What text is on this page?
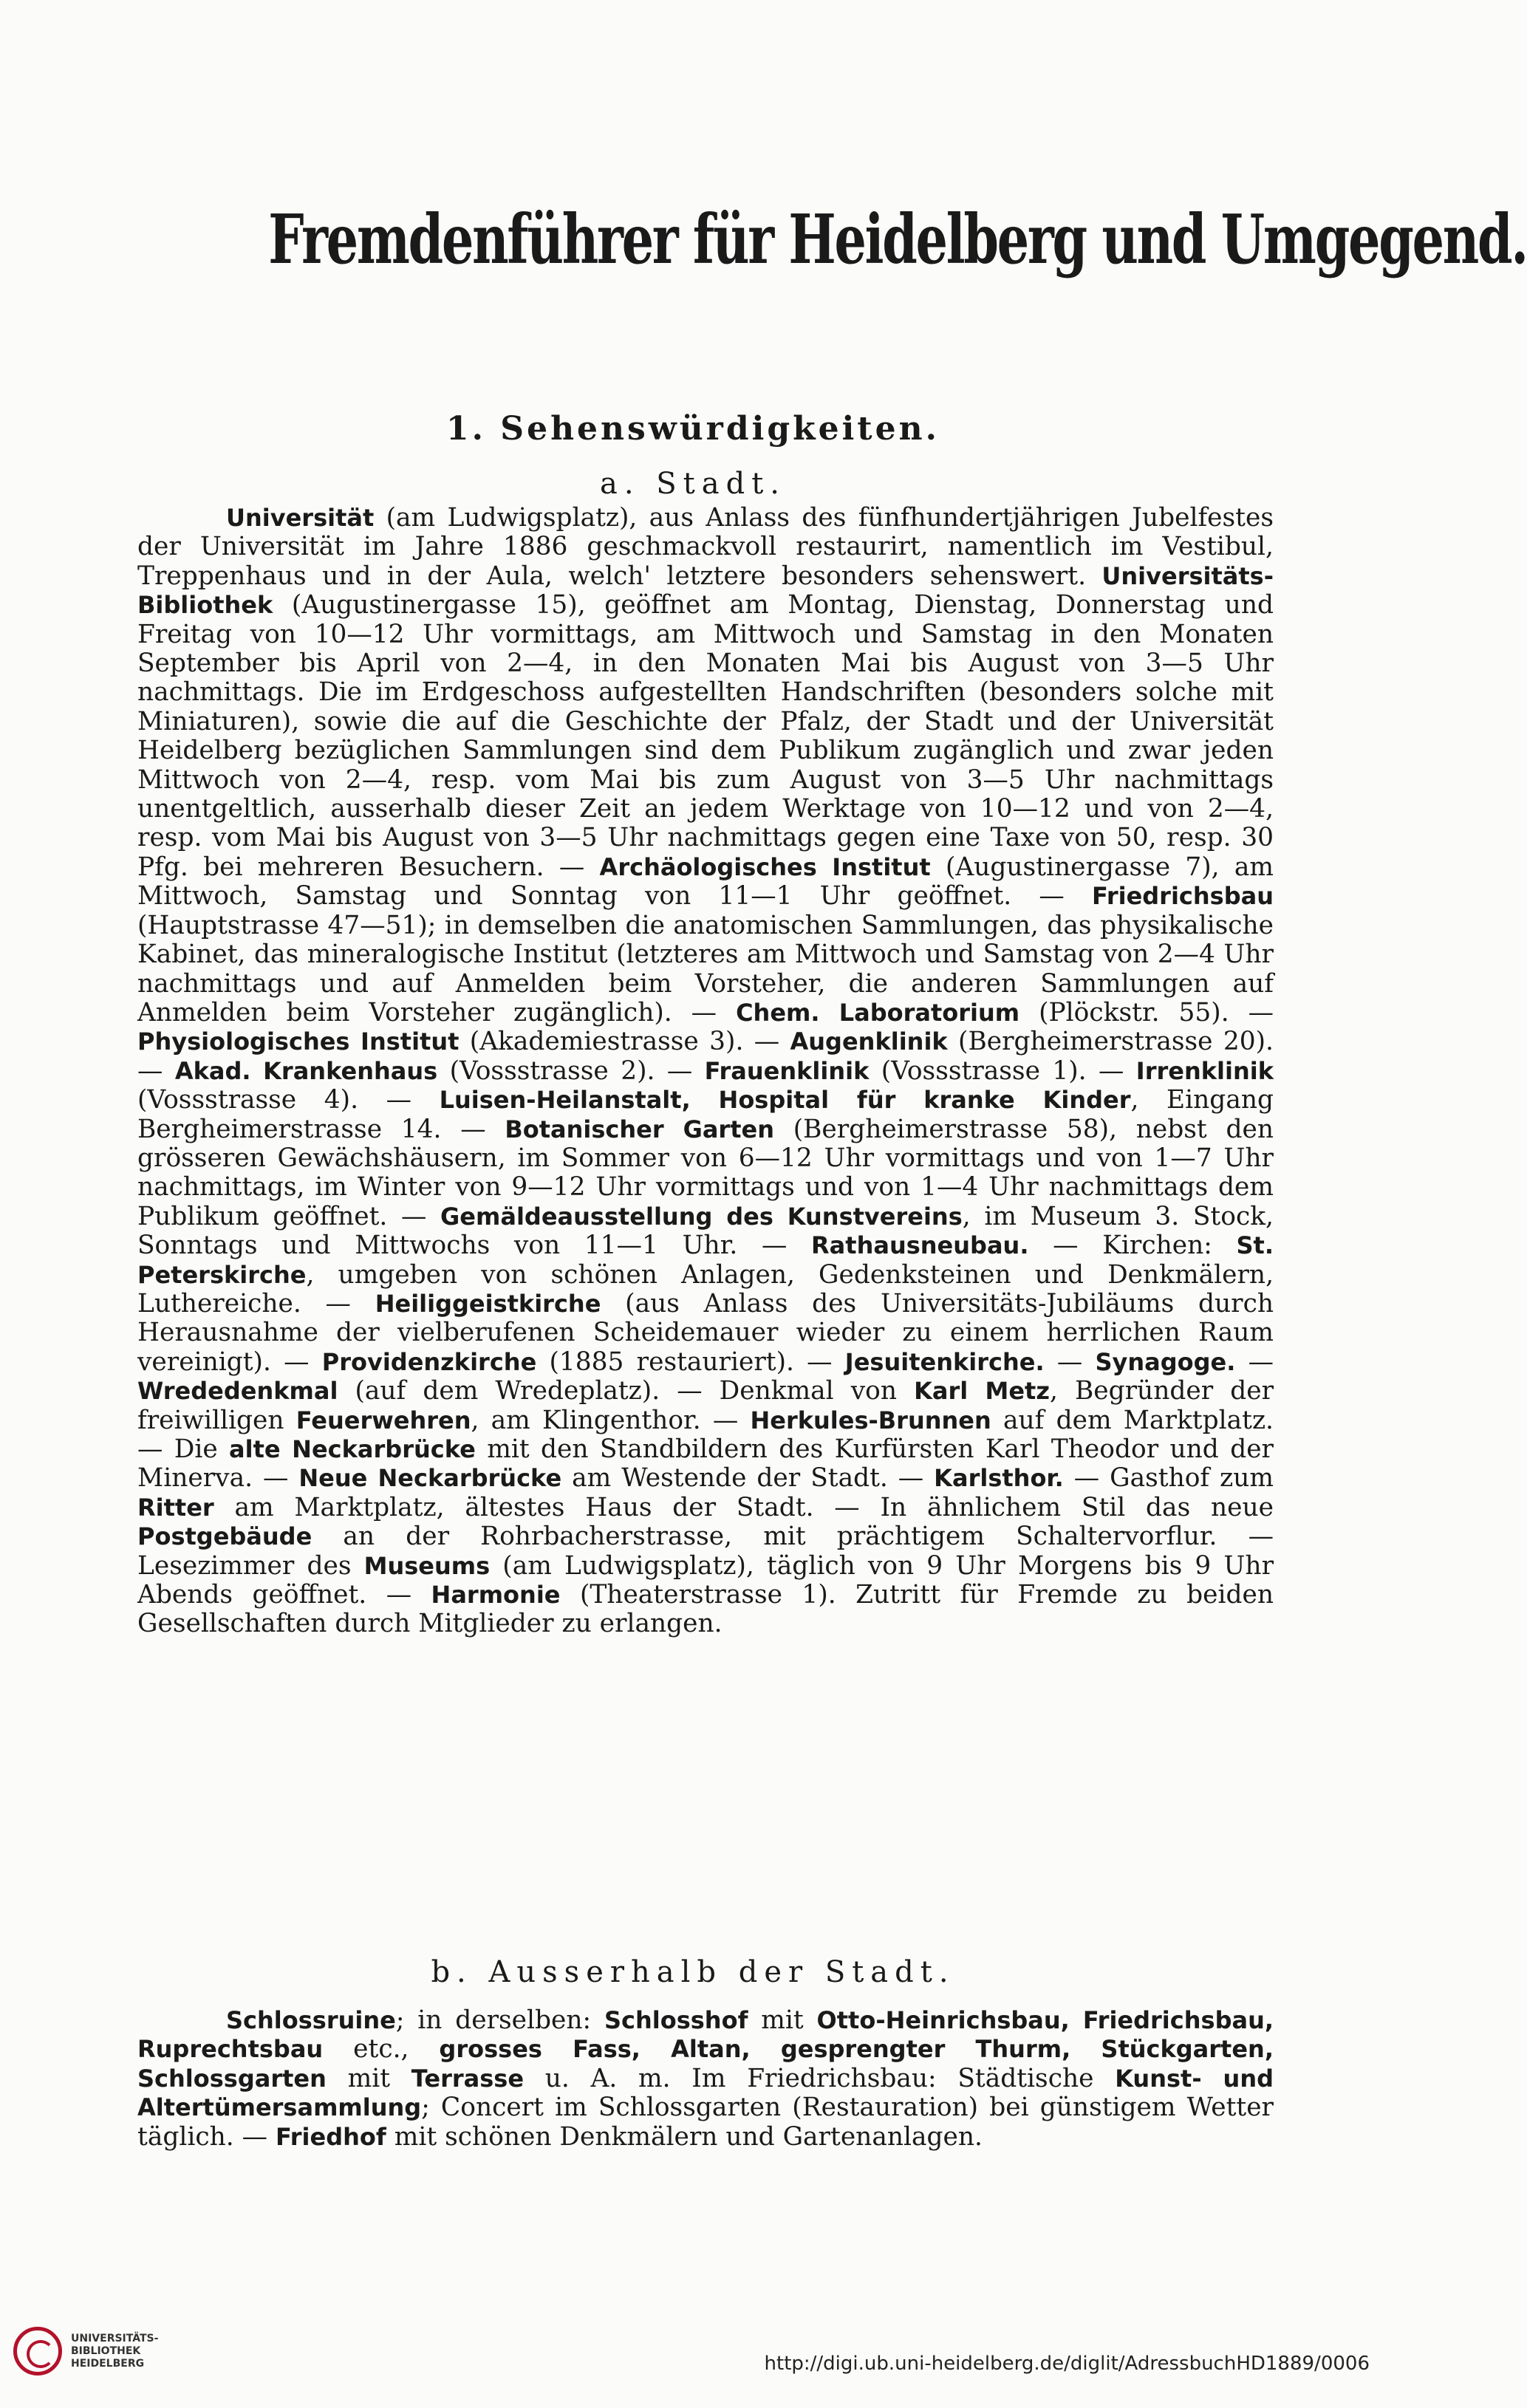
Fremdenführer für Heidelberg und Umgegend.
1. Sehenswürdigkeiten.
a. Stadt.

Universität (am Ludwigsplatz), aus Anlass des fünfhundertjährigen Jubelfestes der Universität im Jahre 1886 geschmackvoll restaurirt, namentlich im Vestibul, Treppenhaus und in der Aula, welch' letztere besonders sehenswert. Universitäts-Bibliothek (Augustinergasse 15), geöffnet am Montag, Dienstag, Donnerstag und Freitag von 10—12 Uhr vormittags, am Mittwoch und Samstag in den Monaten September bis April von 2—4, in den Monaten Mai bis August von 3—5 Uhr nachmittags. Die im Erdgeschoss aufgestellten Handschriften (besonders solche mit Miniaturen), sowie die auf die Geschichte der Pfalz, der Stadt und der Universität Heidelberg bezüglichen Sammlungen sind dem Publikum zugänglich und zwar jeden Mittwoch von 2—4, resp. vom Mai bis zum August von 3—5 Uhr nachmittags unentgeltlich, ausserhalb dieser Zeit an jedem Werktage von 10—12 und von 2—4, resp. vom Mai bis August von 3—5 Uhr nachmittags gegen eine Taxe von 50, resp. 30 Pfg. bei mehreren Besuchern. — Archäologisches Institut (Augustinergasse 7), am Mittwoch, Samstag und Sonntag von 11—1 Uhr geöffnet. — Friedrichsbau (Hauptstrasse 47—51); in demselben die anatomischen Sammlungen, das physikalische Kabinet, das mineralogische Institut (letzteres am Mittwoch und Samstag von 2—4 Uhr nachmittags und auf Anmelden beim Vorsteher, die anderen Sammlungen auf Anmelden beim Vorsteher zugänglich). — Chem. Laboratorium (Plöckstr. 55). — Physiologisches Institut (Akademiestrasse 3). — Augenklinik (Bergheimerstrasse 20). — Akad. Krankenhaus (Vossstrasse 2). — Frauenklinik (Vossstrasse 1). — Irrenklinik (Vossstrasse 4). — Luisen-Heilanstalt, Hospital für kranke Kinder, Eingang Bergheimerstrasse 14. — Botanischer Garten (Bergheimerstrasse 58), nebst den grösseren Gewächshäusern, im Sommer von 6—12 Uhr vormittags und von 1—7 Uhr nachmittags, im Winter von 9—12 Uhr vormittags und von 1—4 Uhr nachmittags dem Publikum geöffnet. — Gemäldeausstellung des Kunstvereins, im Museum 3. Stock, Sonntags und Mittwochs von 11—1 Uhr. — Rathausneubau. — Kirchen: St. Peterskirche, umgeben von schönen Anlagen, Gedenksteinen und Denkmälern, Luthereiche. — Heiliggeistkirche (aus Anlass des Universitäts-Jubiläums durch Herausnahme der vielberufenen Scheidemauer wieder zu einem herrlichen Raum vereinigt). — Providenzkirche (1885 restauriert). — Jesuitenkirche. — Synagoge. — Wrededenkmal (auf dem Wredeplatz). — Denkmal von Karl Metz, Begründer der freiwilligen Feuerwehren, am Klingenthor. — Herkules-Brunnen auf dem Marktplatz. — Die alte Neckarbrücke mit den Standbildern des Kurfürsten Karl Theodor und der Minerva. — Neue Neckarbrücke am Westende der Stadt. — Karlsthor. — Gasthof zum Ritter am Marktplatz, ältestes Haus der Stadt. — In ähnlichem Stil das neue Postgebäude an der Rohrbacherstrasse, mit prächtigem Schaltervorflur. — Lesezimmer des Museums (am Ludwigsplatz), täglich von 9 Uhr Morgens bis 9 Uhr Abends geöffnet. — Harmonie (Theaterstrasse 1). Zutritt für Fremde zu beiden Gesellschaften durch Mitglieder zu erlangen.

b. Ausserhalb der Stadt.

Schlossruine; in derselben: Schlosshof mit Otto-Heinrichsbau, Friedrichsbau, Ruprechtsbau etc., grosses Fass, Altan, gesprengter Thurm, Stückgarten, Schlossgarten mit Terrasse u. A. m. Im Friedrichsbau: Städtische Kunst- und Altertümersammlung; Concert im Schlossgarten (Restauration) bei günstigem Wetter täglich. — Friedhof mit schönen Denkmälern und Gartenanlagen.

UNIVERSITÄTS-
BIBLIOTHEK
HEIDELBERG	http://digi.ub.uni-heidelberg.de/diglit/AdressbuchHD1889/0006
